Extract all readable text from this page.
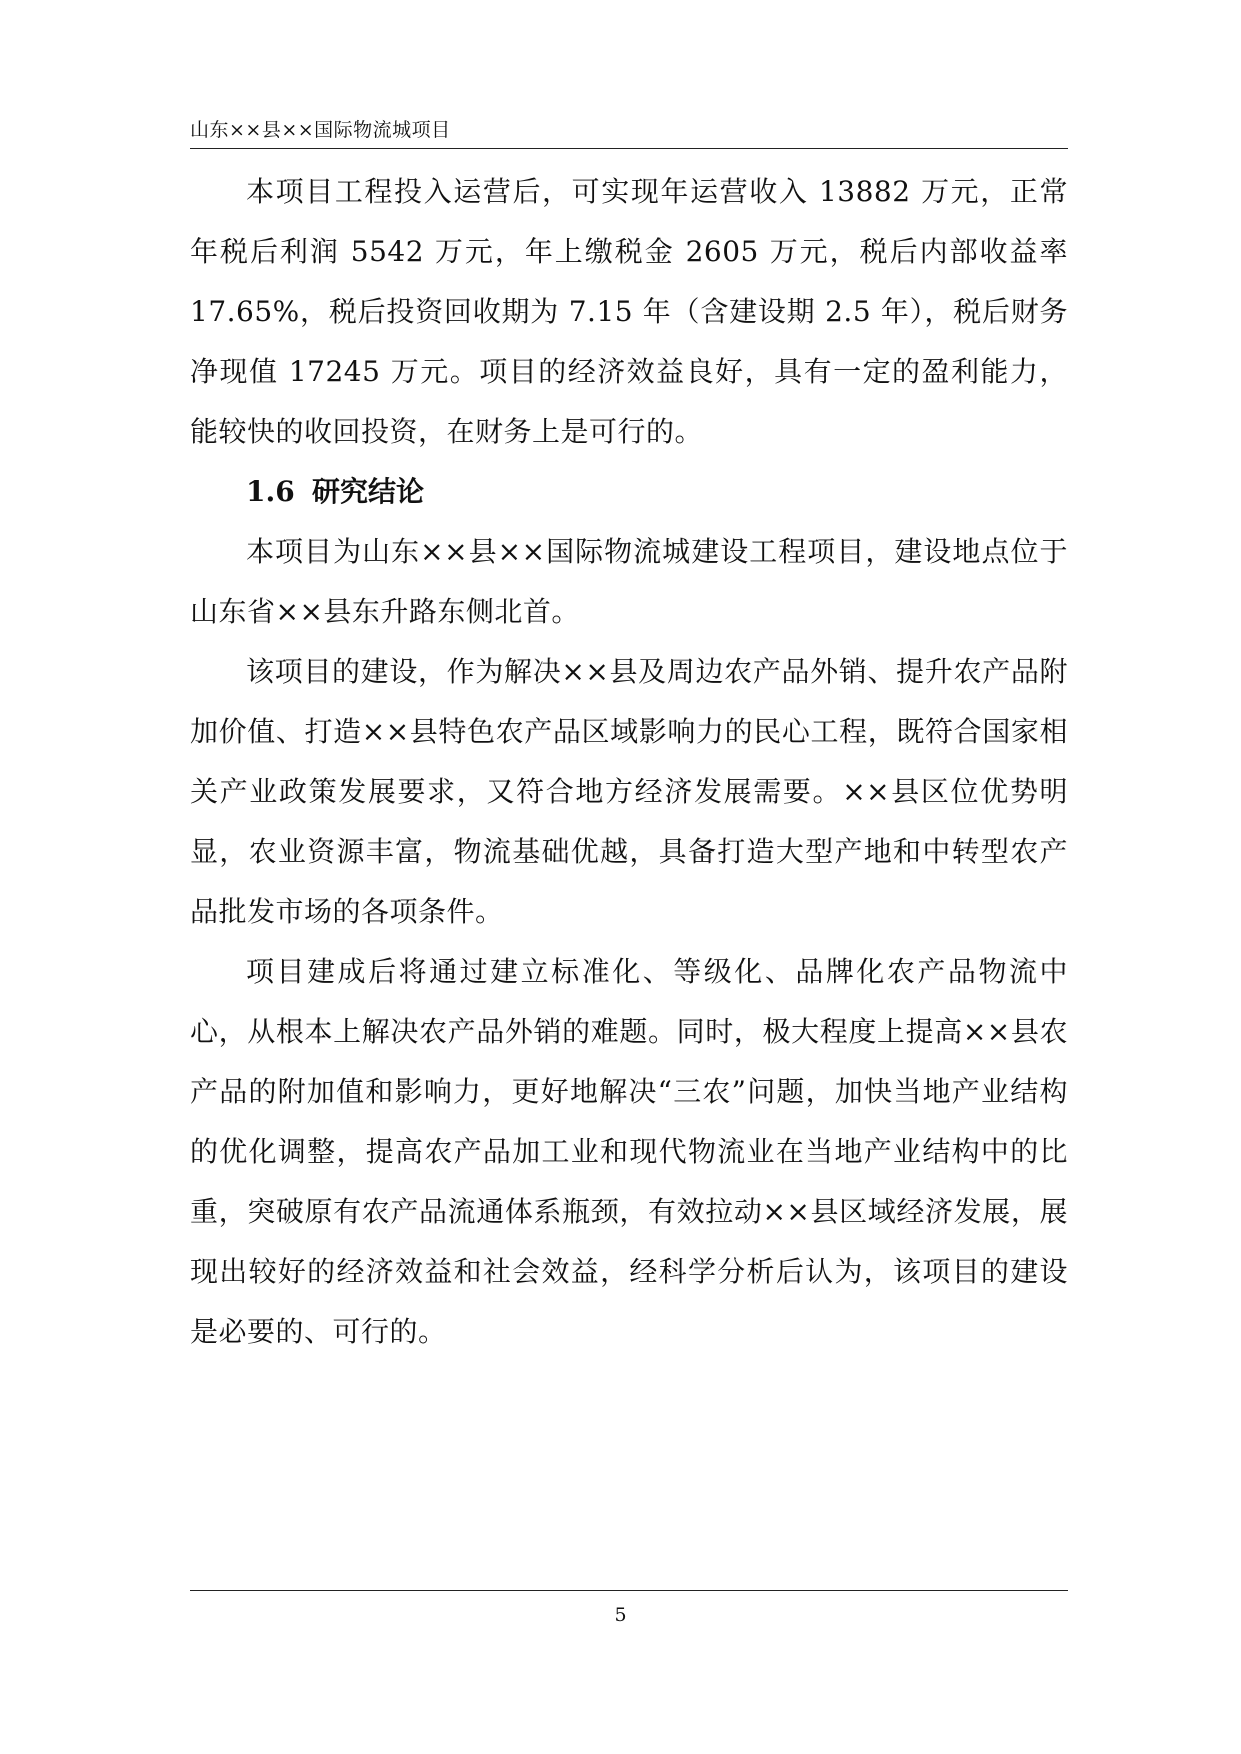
山东××县××国际物流城项目

本项目工程投入运营后，可实现年运营收入 13882 万元，正常年税后利润 5542 万元，年上缴税金 2605 万元，税后内部收益率 17.65%，税后投资回收期为 7.15 年（含建设期 2.5 年），税后财务净现值 17245 万元。项目的经济效益良好，具有一定的盈利能力，能较快的收回投资，在财务上是可行的。

1.6 研究结论

本项目为山东××县××国际物流城建设工程项目，建设地点位于山东省××县东升路东侧北首。

该项目的建设，作为解决××县及周边农产品外销、提升农产品附加价值、打造××县特色农产品区域影响力的民心工程，既符合国家相关产业政策发展要求，又符合地方经济发展需要。××县区位优势明显，农业资源丰富，物流基础优越，具备打造大型产地和中转型农产品批发市场的各项条件。

项目建成后将通过建立标准化、等级化、品牌化农产品物流中心，从根本上解决农产品外销的难题。同时，极大程度上提高××县农产品的附加值和影响力，更好地解决“三农”问题，加快当地产业结构的优化调整，提高农产品加工业和现代物流业在当地产业结构中的比重，突破原有农产品流通体系瓶颈，有效拉动××县区域经济发展，展现出较好的经济效益和社会效益，经科学分析后认为，该项目的建设是必要的、可行的。

5
